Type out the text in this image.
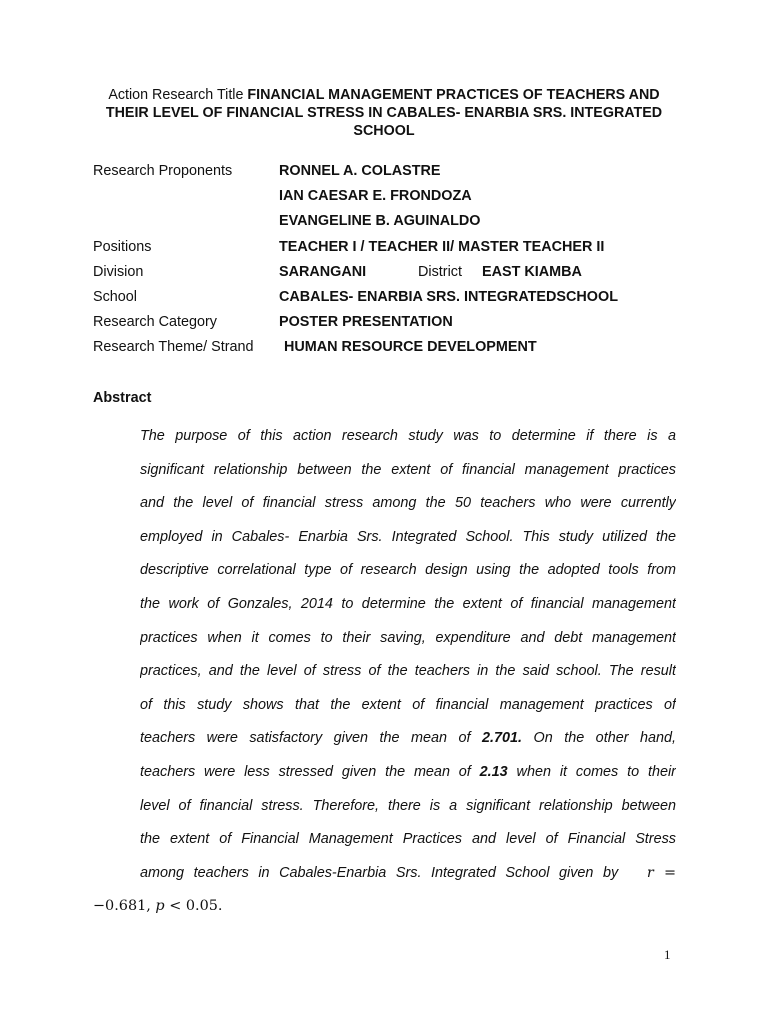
Action Research Title FINANCIAL MANAGEMENT PRACTICES OF TEACHERS AND THEIR LEVEL OF FINANCIAL STRESS IN CABALES- ENARBIA SRS. INTEGRATED SCHOOL
Research Proponents	RONNEL A. COLASTRE
IAN CAESAR E. FRONDOZA
EVANGELINE B. AGUINALDO
Positions	TEACHER I / TEACHER II/ MASTER TEACHER II
Division	SARANGANI	District EAST KIAMBA
School	CABALES- ENARBIA SRS. INTEGRATEDSCHOOL
Research Category	POSTER PRESENTATION
Research Theme/ Strand HUMAN RESOURCE DEVELOPMENT
Abstract
The purpose of this action research study was to determine if there is a
significant relationship between the extent of financial management practices
and the level of financial stress among the 50 teachers who were currently
employed in Cabales- Enarbia Srs. Integrated School. This study utilized the
descriptive correlational type of research design using the adopted tools from
the work of Gonzales, 2014 to determine the extent of financial management
practices when it comes to their saving, expenditure and debt management
practices, and the level of stress of the teachers in the said school. The result
of this study shows that the extent of financial management practices of
teachers were satisfactory given the mean of 2.701. On the other hand,
teachers were less stressed given the mean of 2.13 when it comes to their
level of financial stress. Therefore, there is a significant relationship between
the extent of Financial Management Practices and level of Financial Stress
among teachers in Cabales-Enarbia Srs. Integrated School given by r =
−0.681, p < 0.05.
1
